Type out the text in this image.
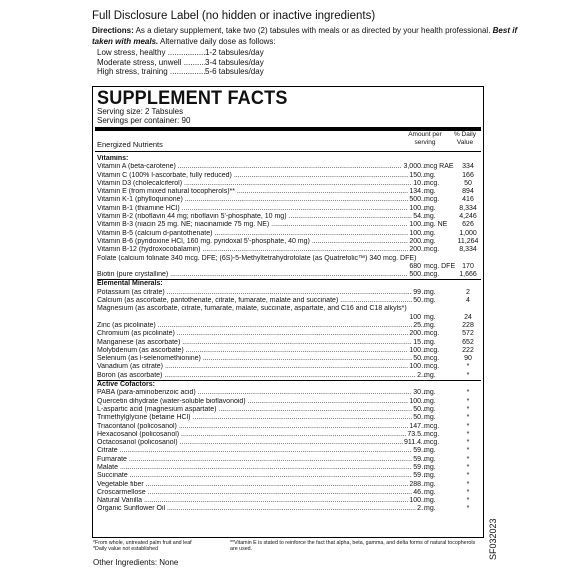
Full Disclosure Label (no hidden or inactive ingredients)
Directions: As a dietary supplement, take two (2) tabsules with meals or as directed by your health professional. Best if taken with meals. Alternative daily dose as follows:
Low stress, healthy .....	1-2 tabsules/day
Moderate stress, unwell .....	3-4 tabsules/day
High stress, training .....	5-6 tabsules/day
SUPPLEMENT FACTS
Serving size: 2 Tabsules
Servings per container: 90
Energized Nutrients
Amount per serving
% Daily Value
Vitamins:
Vitamin A (beta-carotene) .....	3,000 mcg RAE	334
Vitamin C (100% l-ascorbate, fully reduced) .....	150 mg.	166
Vitamin D3 (cholecalciferol) .....	10 mcg.	50
Vitamin E (from mixed natural tocopherols)** .....	134 mg.	894
Vitamin K-1 (phylloquinone) .....	500 mcg.	416
Vitamin B-1 (thiamine HCl) .....	100 mg.	8,334
Vitamin B-2 (riboflavin 44 mg; riboflavin 5'-phosphate, 10 mg) .....	54 mg.	4,246
Vitamin B-3 (niacin 25 mg. NE; niacinamide 75 mg. NE) .....	100 mg. NE	626
Vitamin B-5 (calcium d-pantothenate) .....	100 mg.	1,000
Vitamin B-6 (pyridoxine HCl, 160 mg. pyridoxal 5'-phosphate, 40 mg) .....	200 mg.	11,264
Vitamin B-12 (hydroxocobalamin) .....	200 mcg.	8,334
Folate (calcium folinate 340 mcg. DFE; (6S)-5-Methyltetrahydrofolate (as Quatrefolic™) 340 mcg. DFE)
680 mcg. DFE	170
Biotin (pure crystalline) .....	500 mcg.	1,666
Elemental Minerals:
Potassium (as citrate) .....	99 mg.	2
Calcium (as ascorbate, pantothenate, citrate, fumarate, malate and succinate) .....	50 mg.	4
Magnesium (as ascorbate, citrate, fumarate, malate, succinate, aspartate, and C16 and C18 alkyls*)
100 mg.	24
Zinc (as picolinate) .....	25 mg.	228
Chromium (as picolinate) .....	200 mcg.	572
Manganese (as ascorbate) .....	15 mg.	652
Molybdenum (as ascorbate) .....	100 mcg.	222
Selenium (as l-selenomethionine) .....	50 mcg.	90
Vanadium (as citrate) .....	100 mcg.	*
Boron (as ascorbate) .....	2 mg.	*
Active Cofactors:
PABA (para-aminobenzoic acid) .....	30 mg.	*
Quercetin dihydrate (water-soluble bioflavonoid) .....	100 mg.	*
L-aspartic acid (magnesium aspartate) .....	50 mg.	*
Trimethylglycine (betaine HCl) .....	50 mg.	*
Triacontanol (policosanol) .....	147 mcg.	*
Hexacosanol (policosanol) .....	73.5 mcg.	*
Octacosanol (policosanol) .....	911.4 mcg.	*
Citrate .....	59 mg.	*
Fumarate .....	59 mg.	*
Malate .....	59 mg.	*
Succinate .....	59 mg.	*
Vegetable fiber .....	288 mg.	*
Croscarmellose .....	46 mg.	*
Natural Vanilla .....	100 mg.	*
Organic Sunflower Oil .....	2 mg.	*
*From whole, untreated palm fruit and leaf
*Daily value not established
**Vitamin E is stated to reinforce the fact that alpha, beta, gamma, and delta forms of natural tocopherols are used.
Other Ingredients: None
SF032023
